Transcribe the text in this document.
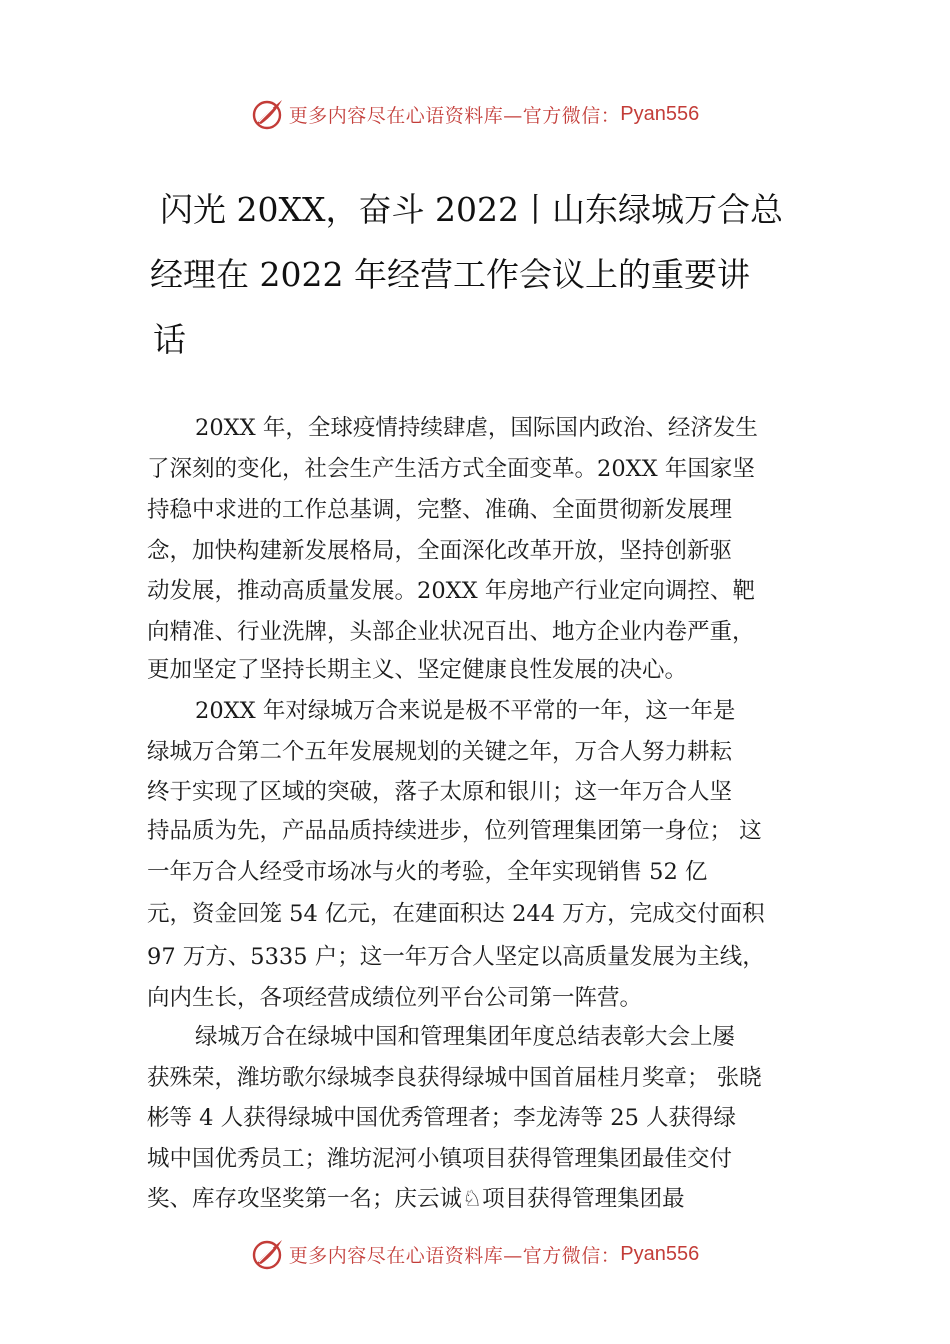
更多内容尽在心语资料库—官方微信： Pyan556
闪光 20XX，奋斗 2022丨山东绿城万合总
经理在 2022 年经营工作会议上的重要讲
话
20XX 年，全球疫情持续肆虐，国际国内政治、经济发生
了深刻的变化，社会生产生活方式全面变革。20XX 年国家坚
持稳中求进的工作总基调，完整、准确、全面贯彻新发展理
念，加快构建新发展格局，全面深化改革开放，坚持创新驱
动发展，推动高质量发展。20XX 年房地产行业定向调控、靶
向精准、行业洗牌，头部企业状况百出、地方企业内卷严重，
更加坚定了坚持长期主义、坚定健康良性发展的决心。
20XX 年对绿城万合来说是极不平常的一年，这一年是
绿城万合第二个五年发展规划的关键之年，万合人努力耕耘
终于实现了区域的突破，落子太原和银川；这一年万合人坚
持品质为先，产品品质持续进步，位列管理集团第一身位； 这
一年万合人经受市场冰与火的考验，全年实现销售 52 亿
元，资金回笼 54 亿元，在建面积达 244 万方，完成交付面积
97 万方、5335 户；这一年万合人坚定以高质量发展为主线，
向内生长，各项经营成绩位列平台公司第一阵营。
绿城万合在绿城中国和管理集团年度总结表彰大会上屡
获殊荣，潍坊歌尔绿城李良获得绿城中国首届桂月奖章； 张晓
彬等 4 人获得绿城中国优秀管理者；李龙涛等 25 人获得绿
城中国优秀员工；潍坊泥河小镇项目获得管理集团最佳交付
奖、库存攻坚奖第一名；庆云诚♘项目获得管理集团最
更多内容尽在心语资料库—官方微信： Pyan556
